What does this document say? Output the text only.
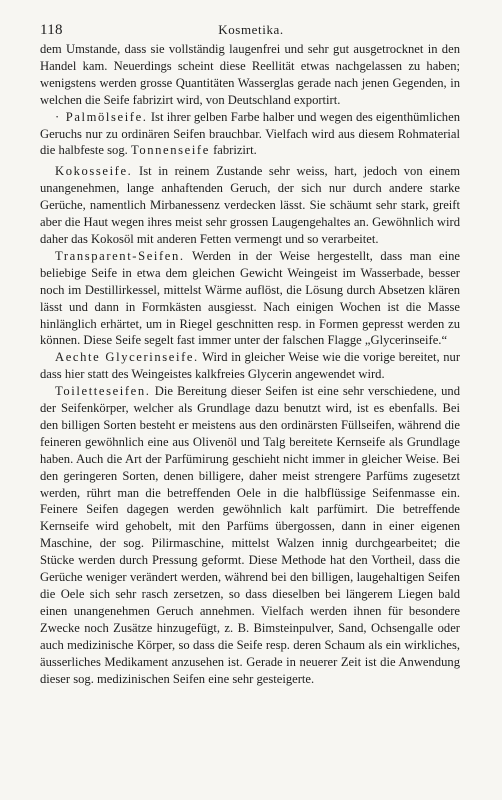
118	Kosmetika.

dem Umstande, dass sie vollständig laugenfrei und sehr gut ausgetrocknet in den Handel kam. Neuerdings scheint diese Reellität etwas nachgelassen zu haben; wenigstens werden grosse Quantitäten Wasserglas gerade nach jenen Gegenden, in welchen die Seife fabrizirt wird, von Deutschland exportirt.

· Palmölseife. Ist ihrer gelben Farbe halber und wegen des eigenthümlichen Geruchs nur zu ordinären Seifen brauchbar. Vielfach wird aus diesem Rohmaterial die halbfeste sog. Tonnenseife fabrizirt.

Kokosseife. Ist in reinem Zustande sehr weiss, hart, jedoch von einem unangenehmen, lange anhaftenden Geruch, der sich nur durch andere starke Gerüche, namentlich Mirbanessenz verdecken lässt. Sie schäumt sehr stark, greift aber die Haut wegen ihres meist sehr grossen Laugengehaltes an. Gewöhnlich wird daher das Kokosöl mit anderen Fetten vermengt und so verarbeitet.

Transparent-Seifen. Werden in der Weise hergestellt, dass man eine beliebige Seife in etwa dem gleichen Gewicht Weingeist im Wasserbade, besser noch im Destillirkessel, mittelst Wärme auflöst, die Lösung durch Absetzen klären lässt und dann in Formkästen ausgiesst. Nach einigen Wochen ist die Masse hinlänglich erhärtet, um in Riegel geschnitten resp. in Formen gepresst werden zu können. Diese Seife segelt fast immer unter der falschen Flagge „Glycerinseife.“

Aechte Glycerinseife. Wird in gleicher Weise wie die vorige bereitet, nur dass hier statt des Weingeistes kalkfreies Glycerin angewendet wird.

Toiletteseifen. Die Bereitung dieser Seifen ist eine sehr verschiedene, und der Seifenkörper, welcher als Grundlage dazu benutzt wird, ist es ebenfalls. Bei den billigen Sorten besteht er meistens aus den ordinärsten Füllseifen, während die feineren gewöhnlich eine aus Olivenöl und Talg bereitete Kernseife als Grundlage haben. Auch die Art der Parfümirung geschieht nicht immer in gleicher Weise. Bei den geringeren Sorten, denen billigere, daher meist strengere Parfüms zugesetzt werden, rührt man die betreffenden Oele in die halbflüssige Seifenmasse ein. Feinere Seifen dagegen werden gewöhnlich kalt parfümirt. Die betreffende Kernseife wird gehobelt, mit den Parfüms übergossen, dann in einer eigenen Maschine, der sog. Pilirmaschine, mittelst Walzen innig durchgearbeitet; die Stücke werden durch Pressung geformt. Diese Methode hat den Vortheil, dass die Gerüche weniger verändert werden, während bei den billigen, laugehaltigen Seifen die Oele sich sehr rasch zersetzen, so dass dieselben bei längerem Liegen bald einen unangenehmen Geruch annehmen. Vielfach werden ihnen für besondere Zwecke noch Zusätze hinzugefügt, z. B. Bimsteinpulver, Sand, Ochsengalle oder auch medizinische Körper, so dass die Seife resp. deren Schaum als ein wirkliches, äusserliches Medikament anzusehen ist. Gerade in neuerer Zeit ist die Anwendung dieser sog. medizinischen Seifen eine sehr gesteigerte.
